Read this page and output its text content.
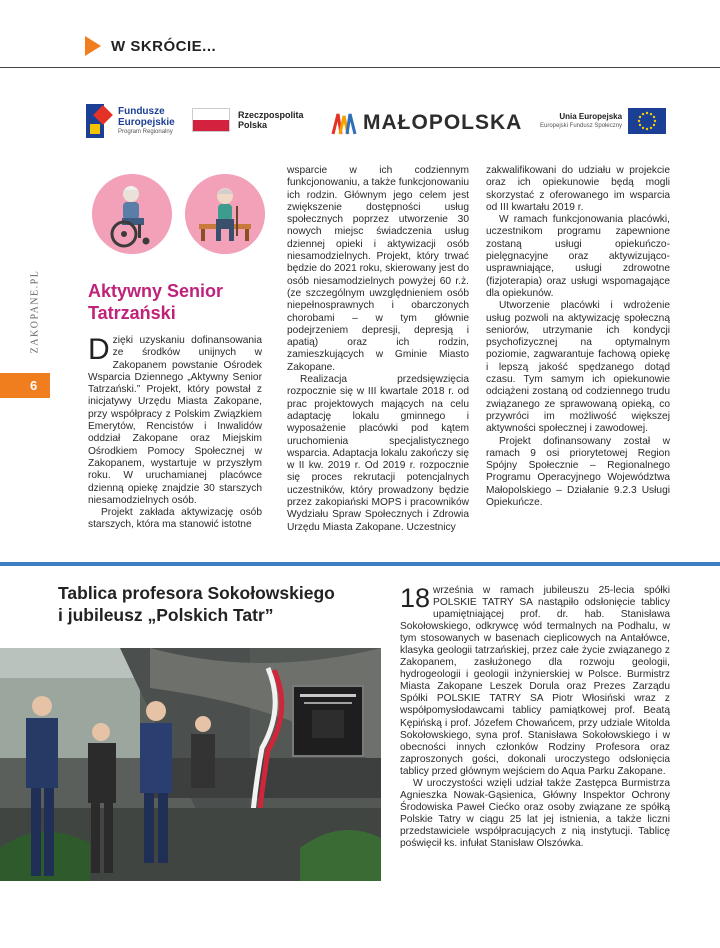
W SKRÓCIE...
Fundusze
Europejskie
Program Regionalny
Rzeczpospolita
Polska	MAŁOPOLSKA	Unia Europejska
Europejski Fundusz Społeczny
ZAKOPANE.PL
6
Aktywny Senior
Tatrzański

Dzięki uzyskaniu dofinansowania ze środków unijnych w Zakopanem powstanie Ośrodek Wsparcia Dziennego „Aktywny Senior Tatrzański.” Projekt, który powstał z inicjatywy Urzędu Miasta Zakopane, przy współpracy z Polskim Związkiem Emerytów, Rencistów i Inwalidów oddział Zakopane oraz Miejskim Ośrodkiem Pomocy Społecznej w Zakopanem, wystartuje w przyszłym roku. W uruchamianej placówce dzienną opiekę znajdzie 30 starszych niesamodzielnych osób.

Projekt zakłada aktywizację osób starszych, która ma stanowić istotne

wsparcie w ich codziennym funkcjonowaniu, a także funkcjonowaniu ich rodzin. Głównym jego celem jest zwiększenie dostępności usług społecznych poprzez utworzenie 30 nowych miejsc świadczenia usług dziennej opieki i aktywizacji osób niesamodzielnych. Projekt, który trwać będzie do 2021 roku, skierowany jest do osób niesamodzielnych powyżej 60 r.ż. (ze szczególnym uwzględnieniem osób niepełnosprawnych i obarczonych chorobami – w tym głównie podejrzeniem depresji, depresją i apatią) oraz ich rodzin, zamieszkujących w Gminie Miasto Zakopane.

Realizacja przedsięwzięcia rozpocznie się w III kwartale 2018 r. od prac projektowych mających na celu adaptację lokalu gminnego i wyposażenie placówki pod kątem uruchomienia specjalistycznego wsparcia. Adaptacja lokalu zakończy się w II kw. 2019 r. Od 2019 r. rozpocznie się proces rekrutacji potencjalnych uczestników, który prowadzony będzie przez zakopiański MOPS i pracowników Wydziału Spraw Społecznych i Zdrowia Urzędu Miasta Zakopane. Uczestnicy

zakwalifikowani do udziału w projekcie oraz ich opiekunowie będą mogli skorzystać z oferowanego im wsparcia od III kwartału 2019 r.

W ramach funkcjonowania placówki, uczestnikom programu zapewnione zostaną usługi opiekuńczo-pielęgnacyjne oraz aktywizująco-usprawniające, usługi zdrowotne (fizjoterapia) oraz usługi wspomagające dla opiekunów.

Utworzenie placówki i wdrożenie usług pozwoli na aktywizację społeczną seniorów, utrzymanie ich kondycji psychofizycznej na optymalnym poziomie, zagwarantuje fachową opiekę i lepszą jakość spędzanego dotąd czasu. Tym samym ich opiekunowie odciążeni zostaną od codziennego trudu związanego ze sprawowaną opieką, co przywróci im możliwość większej aktywności społecznej i zawodowej.

Projekt dofinansowany został w ramach 9 osi priorytetowej Region Spójny Społecznie – Regionalnego Programu Operacyjnego Województwa Małopolskiego – Działanie 9.2.3 Usługi Opiekuńcze.

Tablica profesora Sokołowskiego
i jubileusz „Polskich Tatr”

18 września w ramach jubileuszu 25-lecia spółki POLSKIE TATRY SA nastąpiło odsłonięcie tablicy upamiętniającej prof. dr. hab. Stanisława Sokołowskiego, odkrywcę wód termalnych na Podhalu, w tym stosowanych w basenach cieplicowych na Antałówce, klasyka geologii tatrzańskiej, przez całe życie związanego z Zakopanem, zasłużonego dla rozwoju geologii, hydrogeologii i geologii inżynierskiej w Polsce. Burmistrz Miasta Zakopane Leszek Dorula oraz Prezes Zarządu Spółki POLSKIE TATRY SA Piotr Włosiński wraz z współpomysłodawcami tablicy pamiątkowej prof. Beatą Kępińską i prof. Józefem Chowańcem, przy udziale Witolda Sokołowskiego, syna prof. Stanisława Sokołowskiego i w obecności innych członków Rodziny Profesora oraz zaproszonych gości, dokonali uroczystego odsłonięcia tablicy przed głównym wejściem do Aqua Parku Zakopane.

W uroczystości wzięli udział także Zastępca Burmistrza Agnieszka Nowak-Gąsienica, Główny Inspektor Ochrony Środowiska Paweł Ciećko oraz osoby związane ze spółką Polskie Tatry w ciągu 25 lat jej istnienia, a także liczni przedstawiciele współpracujących z nią instytucji. Tablicę poświęcił ks. infułat Stanisław Olszówka.
